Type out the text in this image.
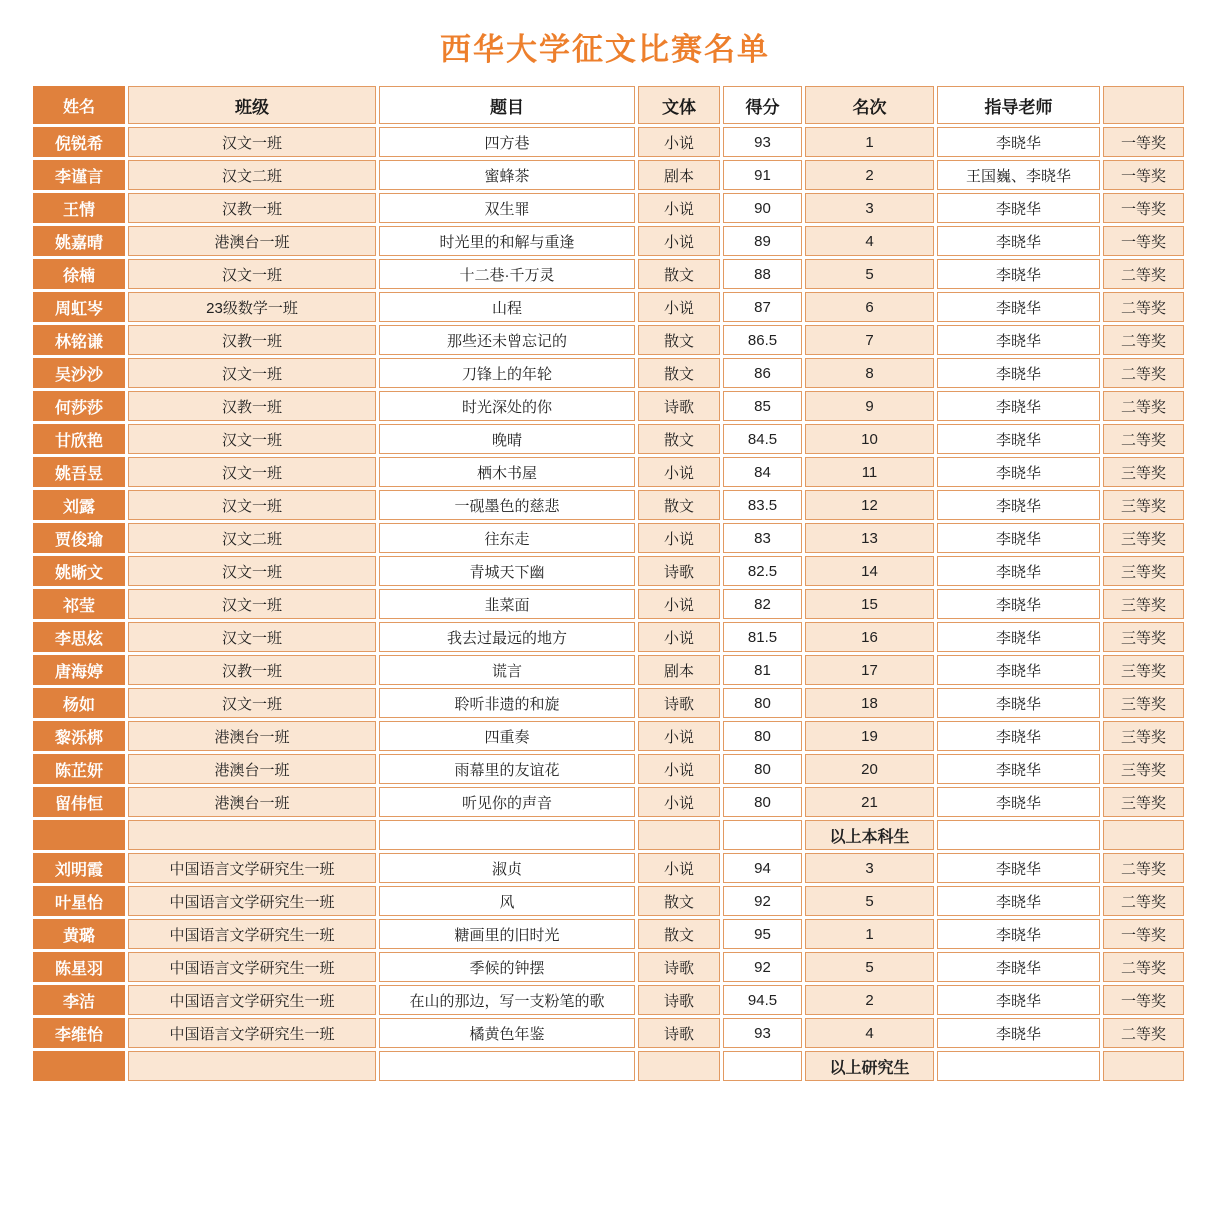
西华大学征文比赛名单
姓名	班级	题目	文体	得分	名次	指导老师	
倪锐希	汉文一班	四方巷	小说	93	1	李晓华	一等奖
李谨言	汉文二班	蜜蜂茶	剧本	91	2	王国巍、李晓华	一等奖
王情	汉教一班	双生罪	小说	90	3	李晓华	一等奖
姚嘉晴	港澳台一班	时光里的和解与重逢	小说	89	4	李晓华	一等奖
徐楠	汉文一班	十二巷·千万灵	散文	88	5	李晓华	二等奖
周虹岑	23级数学一班	山程	小说	87	6	李晓华	二等奖
林铭谦	汉教一班	那些还未曾忘记的	散文	86.5	7	李晓华	二等奖
吴沙沙	汉文一班	刀锋上的年轮	散文	86	8	李晓华	二等奖
何莎莎	汉教一班	时光深处的你	诗歌	85	9	李晓华	二等奖
甘欣艳	汉文一班	晚晴	散文	84.5	10	李晓华	二等奖
姚吾昱	汉文一班	栖木书屋	小说	84	11	李晓华	三等奖
刘露	汉文一班	一砚墨色的慈悲	散文	83.5	12	李晓华	三等奖
贾俊瑜	汉文二班	往东走	小说	83	13	李晓华	三等奖
姚晰文	汉文一班	青城天下幽	诗歌	82.5	14	李晓华	三等奖
祁莹	汉文一班	韭菜面	小说	82	15	李晓华	三等奖
李思炫	汉文一班	我去过最远的地方	小说	81.5	16	李晓华	三等奖
唐海婷	汉教一班	谎言	剧本	81	17	李晓华	三等奖
杨如	汉文一班	聆听非遗的和旋	诗歌	80	18	李晓华	三等奖
黎泺梆	港澳台一班	四重奏	小说	80	19	李晓华	三等奖
陈芷妍	港澳台一班	雨幕里的友谊花	小说	80	20	李晓华	三等奖
留伟恒	港澳台一班	听见你的声音	小说	80	21	李晓华	三等奖
					以上本科生		
刘明霞	中国语言文学研究生一班	淑贞	小说	94	3	李晓华	二等奖
叶星怡	中国语言文学研究生一班	风	散文	92	5	李晓华	二等奖
黄璐	中国语言文学研究生一班	糖画里的旧时光	散文	95	1	李晓华	一等奖
陈星羽	中国语言文学研究生一班	季候的钟摆	诗歌	92	5	李晓华	二等奖
李洁	中国语言文学研究生一班	在山的那边，写一支粉笔的歌	诗歌	94.5	2	李晓华	一等奖
李维怡	中国语言文学研究生一班	橘黄色年鉴	诗歌	93	4	李晓华	二等奖
					以上研究生		
